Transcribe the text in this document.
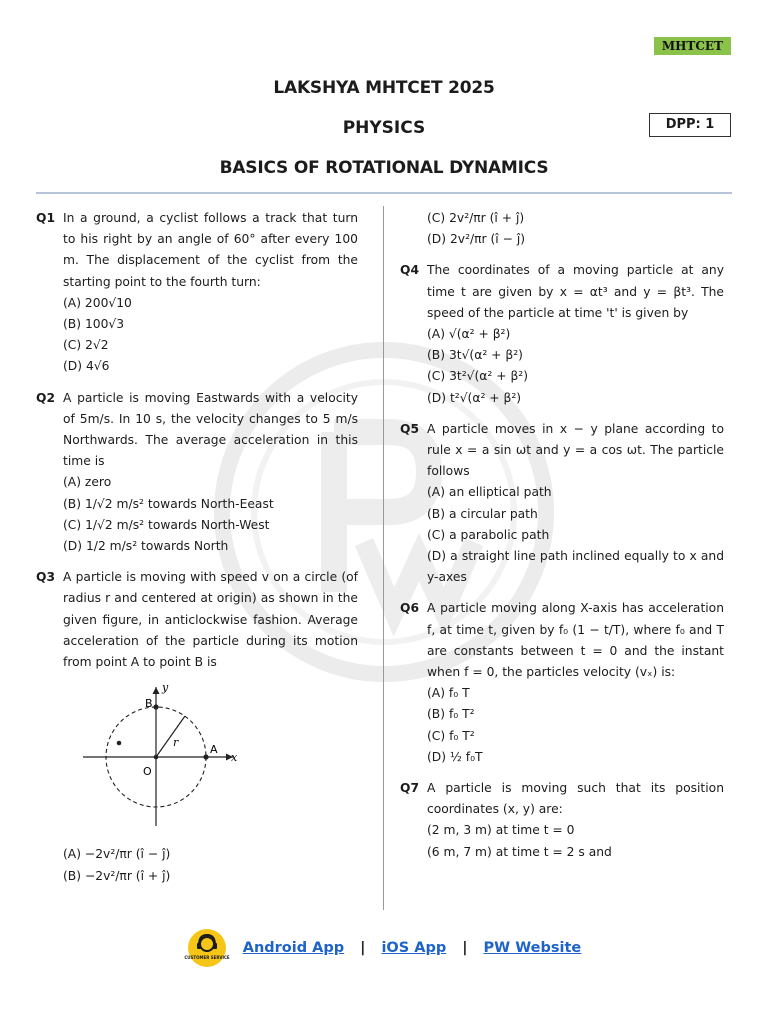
MHTCET
LAKSHYA MHTCET 2025
PHYSICS
BASICS OF ROTATIONAL DYNAMICS
DPP: 1
Q1 In a ground, a cyclist follows a track that turn to his right by an angle of 60° after every 100 m. The displacement of the cyclist from the starting point to the fourth turn:
(A) 200√10
(B) 100√3
(C) 2√2
(D) 4√6
Q2 A particle is moving Eastwards with a velocity of 5m/s. In 10 s, the velocity changes to 5 m/s Northwards. The average acceleration in this time is
(A) zero
(B) 1/√2 m/s² towards North-Eeast
(C) 1/√2 m/s² towards North-West
(D) 1/2 m/s² towards North
Q3 A particle is moving with speed v on a circle (of radius r and centered at origin) as shown in the given figure, in anticlockwise fashion. Average acceleration of the particle during its motion from point A to point B is
y
x
B
A
O
r
(A) −2v²/πr (î − ĵ)
(B) −2v²/πr (î + ĵ)
(C) 2v²/πr (î + ĵ)
(D) 2v²/πr (î − ĵ)
Q4 The coordinates of a moving particle at any time t are given by x = αt³ and y = βt³. The speed of the particle at time 't' is given by
(A) √(α² + β²)
(B) 3t√(α² + β²)
(C) 3t²√(α² + β²)
(D) t²√(α² + β²)
Q5 A particle moves in x − y plane according to rule x = a sin ωt and y = a cos ωt. The particle follows
(A) an elliptical path
(B) a circular path
(C) a parabolic path
(D) a straight line path inclined equally to x and y-axes
Q6 A particle moving along X-axis has acceleration f, at time t, given by f₀ (1 − t/T), where f₀ and T are constants between t = 0 and the instant when f = 0, the particles velocity (vₓ) is:
(A) f₀ T
(B) f₀ T²
(C) f₀ T²
(D) ½ f₀T
Q7 A particle is moving such that its position coordinates (x, y) are:
(2 m, 3 m) at time t = 0
(6 m, 7 m) at time t = 2 s and
CUSTOMER SERVICE
Android App | iOS App | PW Website
